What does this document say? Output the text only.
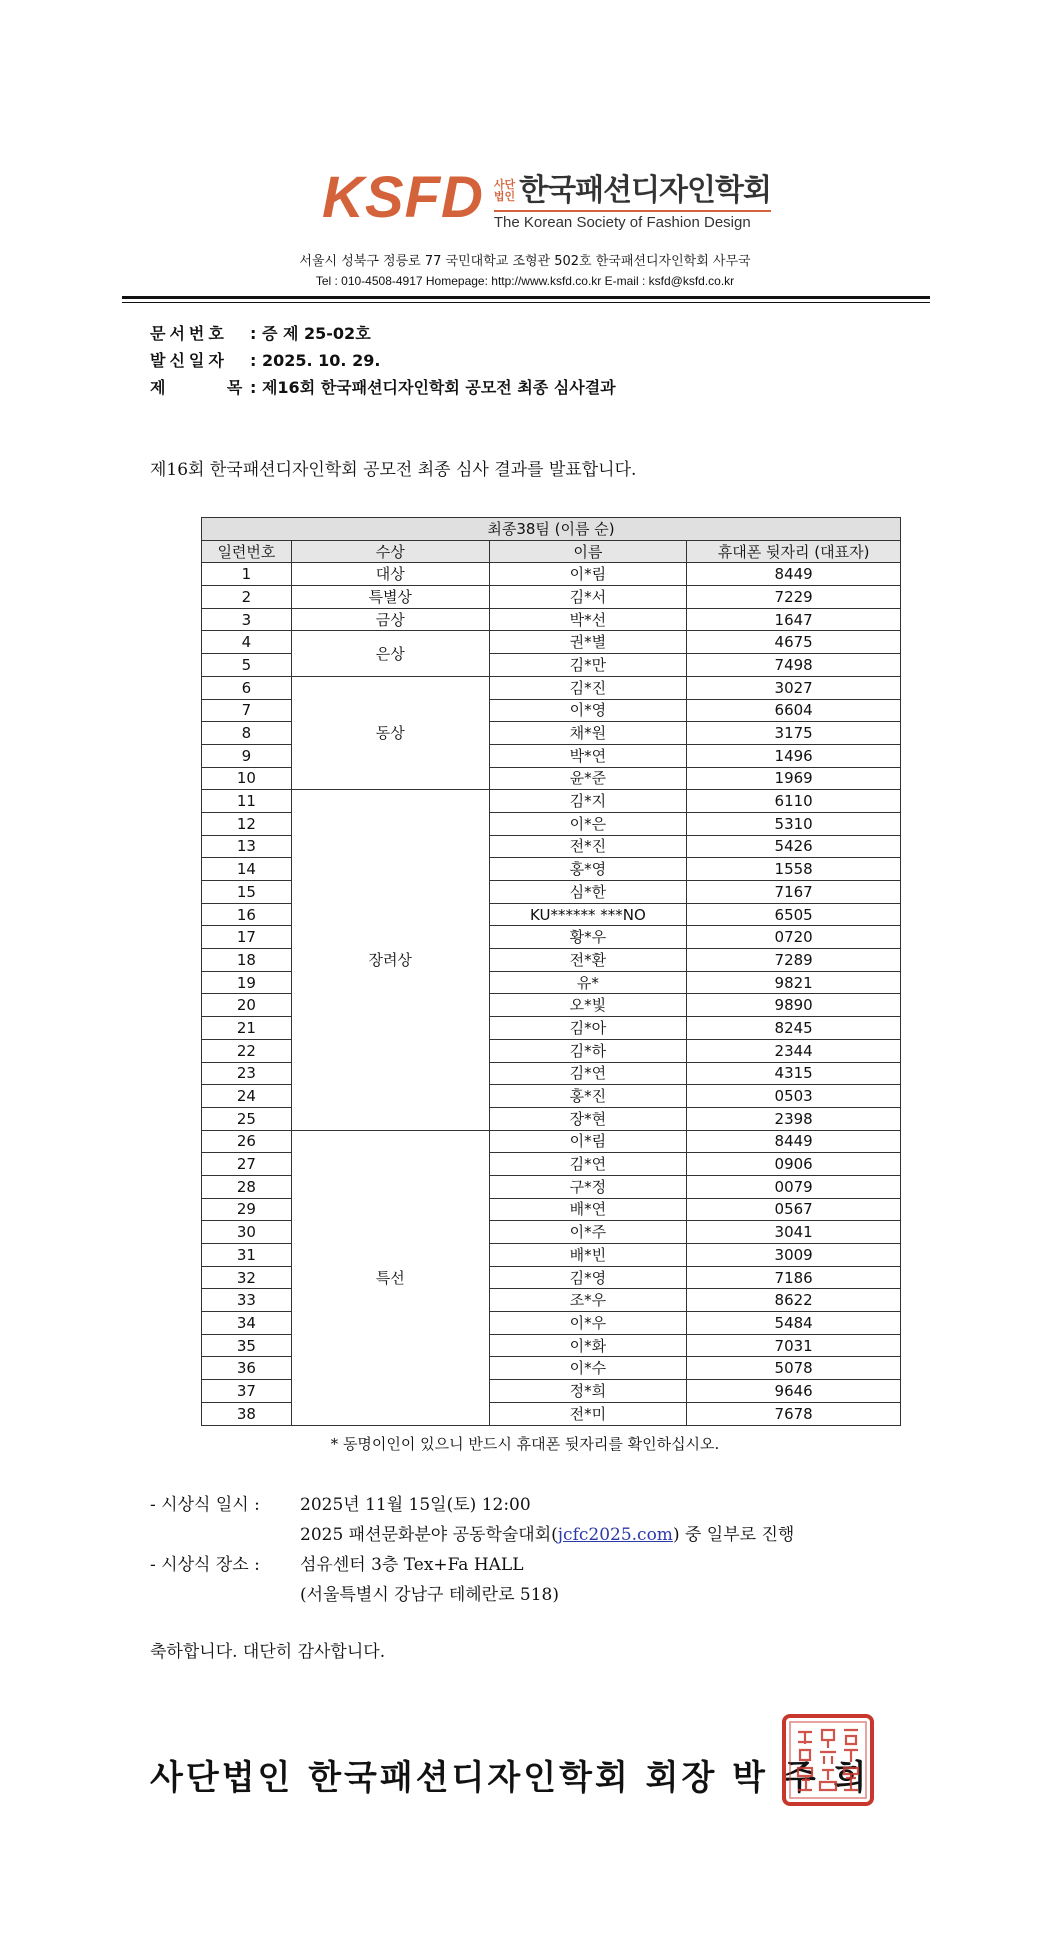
KSFD 사단
법인 한국패션디자인학회
The Korean Society of Fashion Design
서울시 성북구 정릉로 77 국민대학교 조형관 502호 한국패션디자인학회 사무국
Tel : 010-4508-4917 Homepage: http://www.ksfd.co.kr E-mail : ksfd@ksfd.co.kr
문서번호	: 증 제 25-02호
발신일자	: 2025. 10. 29.
제      목 : 제16회 한국패션디자인학회 공모전 최종 심사결과
제16회 한국패션디자인학회 공모전 최종 심사 결과를 발표합니다.
최종38팀 (이름 순)			
일련번호	수상	이름	휴대폰 뒷자리 (대표자)
1	대상	이*림	8449
2	특별상	김*서	7229
3	금상	박*선	1647
4	은상	권*별	4675
5		김*만	7498
6	동상	김*진	3027
7		이*영	6604
8		채*원	3175
9		박*연	1496
10		윤*준	1969
11	장려상	김*지	6110
12		이*은	5310
13		전*진	5426
14		홍*영	1558
15		심*한	7167
16		KU****** ***NO	6505
17		황*우	0720
18		전*환	7289
19		유*	9821
20		오*빛	9890
21		김*아	8245
22		김*하	2344
23		김*연	4315
24		홍*진	0503
25		장*현	2398
26	특선	이*림	8449
27		김*연	0906
28		구*정	0079
29		배*연	0567
30		이*주	3041
31		배*빈	3009
32		김*영	7186
33		조*우	8622
34		이*우	5484
35		이*화	7031
36		이*수	5078
37		정*희	9646
38		전*미	7678
* 동명이인이 있으니 반드시 휴대폰 뒷자리를 확인하십시오.
- 시상식 일시 :	2025년 11월 15일(토) 12:00
2025 패션문화분야 공동학술대회(jcfc2025.com) 중 일부로 진행
- 시상식 장소 :	섬유센터 3층 Tex+Fa HALL
(서울특별시 강남구 테헤란로 518)
축하합니다. 대단히 감사합니다.
사단법인 한국패션디자인학회 회장 박 주 희
